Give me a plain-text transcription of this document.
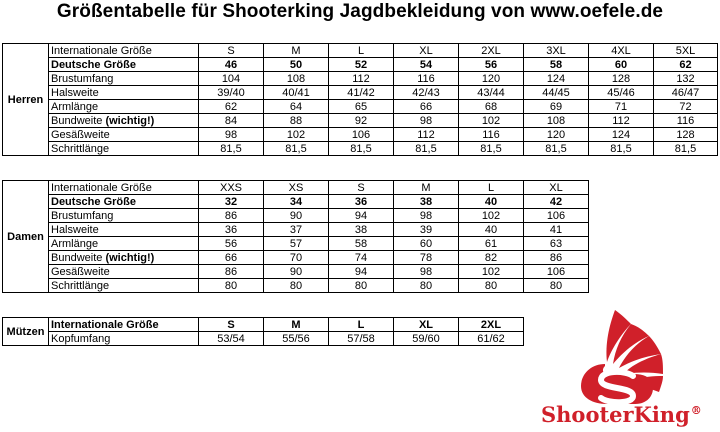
Größentabelle für Shooterking Jagdbekleidung von www.oefele.de
Herren	Internationale Größe	S	M	L	XL	2XL	3XL	4XL	5XL
	Deutsche Größe	46	50	52	54	56	58	60	62
	Brustumfang	104	108	112	116	120	124	128	132
	Halsweite	39/40	40/41	41/42	42/43	43/44	44/45	45/46	46/47
	Armlänge	62	64	65	66	68	69	71	72
	Bundweite (wichtig!)	84	88	92	98	102	108	112	116
	Gesäßweite	98	102	106	112	116	120	124	128
	Schrittlänge	81,5	81,5	81,5	81,5	81,5	81,5	81,5	81,5
Damen	Internationale Größe	XXS	XS	S	M	L	XL
	Deutsche Größe	32	34	36	38	40	42
	Brustumfang	86	90	94	98	102	106
	Halsweite	36	37	38	39	40	41
	Armlänge	56	57	58	60	61	63
	Bundweite (wichtig!)	66	70	74	78	82	86
	Gesäßweite	86	90	94	98	102	106
	Schrittlänge	80	80	80	80	80	80
Mützen	Internationale Größe	S	M	L	XL	2XL
	Kopfumfang	53/54	55/56	57/58	59/60	61/62
ShooterKing®
